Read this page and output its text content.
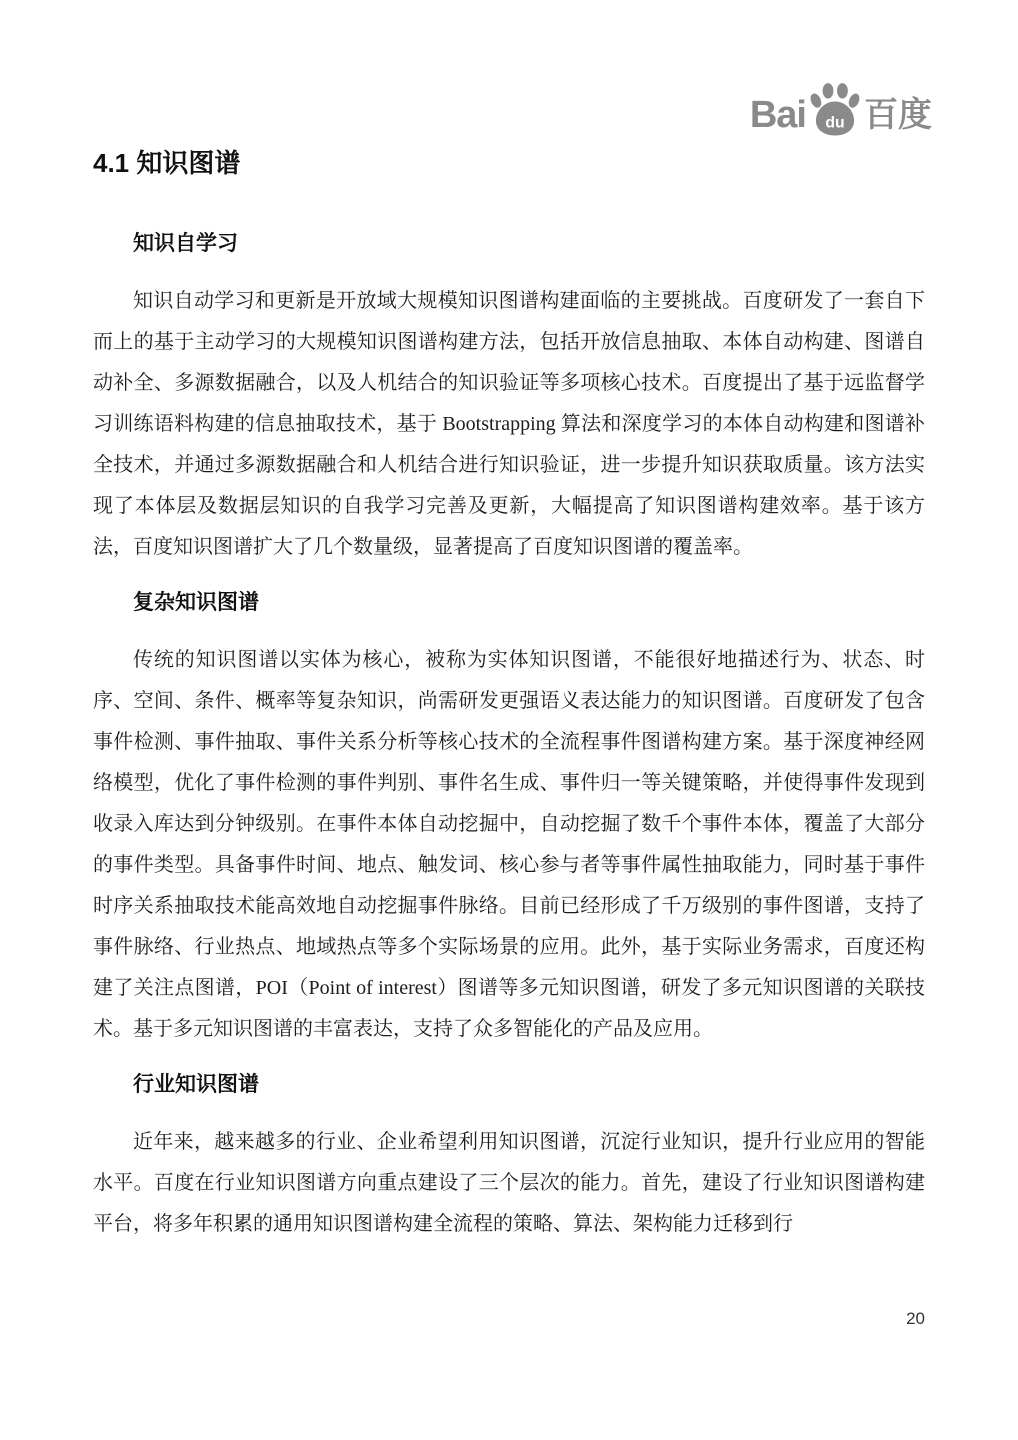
Bai du 百度
4.1 知识图谱
知识自学习

知识自动学习和更新是开放域大规模知识图谱构建面临的主要挑战。百度研发了一套自下而上的基于主动学习的大规模知识图谱构建方法，包括开放信息抽取、本体自动构建、图谱自动补全、多源数据融合，以及人机结合的知识验证等多项核心技术。百度提出了基于远监督学习训练语料构建的信息抽取技术，基于 Bootstrapping 算法和深度学习的本体自动构建和图谱补全技术，并通过多源数据融合和人机结合进行知识验证，进一步提升知识获取质量。该方法实现了本体层及数据层知识的自我学习完善及更新，大幅提高了知识图谱构建效率。基于该方法，百度知识图谱扩大了几个数量级，显著提高了百度知识图谱的覆盖率。

复杂知识图谱

传统的知识图谱以实体为核心，被称为实体知识图谱，不能很好地描述行为、状态、时序、空间、条件、概率等复杂知识，尚需研发更强语义表达能力的知识图谱。百度研发了包含事件检测、事件抽取、事件关系分析等核心技术的全流程事件图谱构建方案。基于深度神经网络模型，优化了事件检测的事件判别、事件名生成、事件归一等关键策略，并使得事件发现到收录入库达到分钟级别。在事件本体自动挖掘中，自动挖掘了数千个事件本体，覆盖了大部分的事件类型。具备事件时间、地点、触发词、核心参与者等事件属性抽取能力，同时基于事件时序关系抽取技术能高效地自动挖掘事件脉络。目前已经形成了千万级别的事件图谱，支持了事件脉络、行业热点、地域热点等多个实际场景的应用。此外，基于实际业务需求，百度还构建了关注点图谱，POI（Point of interest）图谱等多元知识图谱，研发了多元知识图谱的关联技术。基于多元知识图谱的丰富表达，支持了众多智能化的产品及应用。

行业知识图谱

近年来，越来越多的行业、企业希望利用知识图谱，沉淀行业知识，提升行业应用的智能水平。百度在行业知识图谱方向重点建设了三个层次的能力。首先，建设了行业知识图谱构建平台，将多年积累的通用知识图谱构建全流程的策略、算法、架构能力迁移到行

20
